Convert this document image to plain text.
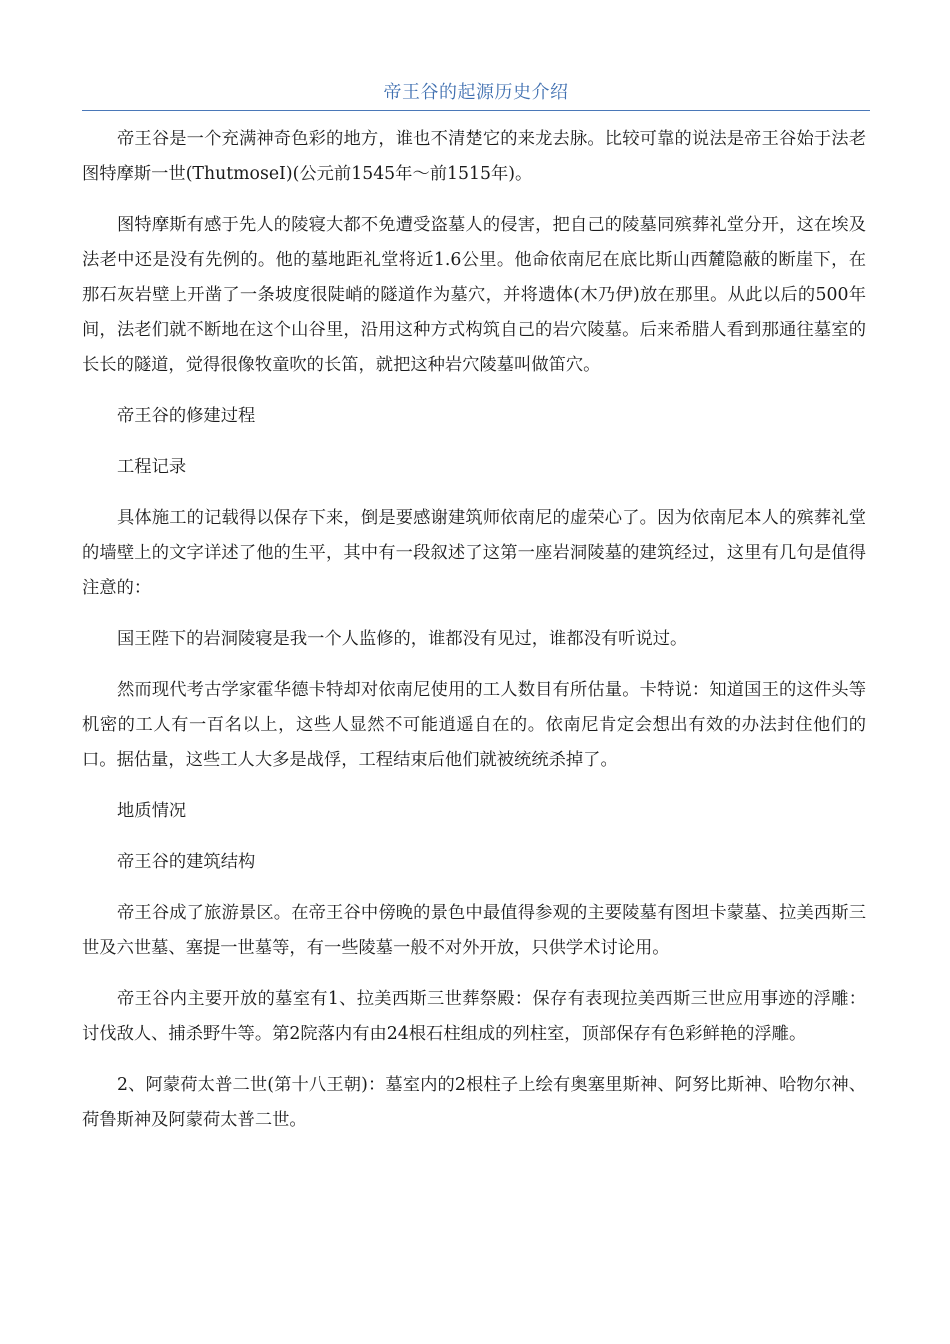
帝王谷的起源历史介绍

帝王谷是一个充满神奇色彩的地方，谁也不清楚它的来龙去脉。比较可靠的说法是帝王谷始于法老图特摩斯一世(ThutmoseI)(公元前1545年～前1515年)。

图特摩斯有感于先人的陵寝大都不免遭受盗墓人的侵害，把自己的陵墓同殡葬礼堂分开，这在埃及法老中还是没有先例的。他的墓地距礼堂将近1.6公里。他命依南尼在底比斯山西麓隐蔽的断崖下，在那石灰岩壁上开凿了一条坡度很陡峭的隧道作为墓穴，并将遗体(木乃伊)放在那里。从此以后的500年间，法老们就不断地在这个山谷里，沿用这种方式构筑自己的岩穴陵墓。后来希腊人看到那通往墓室的长长的隧道，觉得很像牧童吹的长笛，就把这种岩穴陵墓叫做笛穴。

帝王谷的修建过程

工程记录

具体施工的记载得以保存下来，倒是要感谢建筑师依南尼的虚荣心了。因为依南尼本人的殡葬礼堂的墙壁上的文字详述了他的生平，其中有一段叙述了这第一座岩洞陵墓的建筑经过，这里有几句是值得注意的：

国王陛下的岩洞陵寝是我一个人监修的，谁都没有见过，谁都没有听说过。

然而现代考古学家霍华德卡特却对依南尼使用的工人数目有所估量。卡特说：知道国王的这件头等机密的工人有一百名以上，这些人显然不可能逍遥自在的。依南尼肯定会想出有效的办法封住他们的口。据估量，这些工人大多是战俘，工程结束后他们就被统统杀掉了。

地质情况

帝王谷的建筑结构

帝王谷成了旅游景区。在帝王谷中傍晚的景色中最值得参观的主要陵墓有图坦卡蒙墓、拉美西斯三世及六世墓、塞提一世墓等，有一些陵墓一般不对外开放，只供学术讨论用。

帝王谷内主要开放的墓室有1、拉美西斯三世葬祭殿：保存有表现拉美西斯三世应用事迹的浮雕：讨伐敌人、捕杀野牛等。第2院落内有由24根石柱组成的列柱室，顶部保存有色彩鲜艳的浮雕。

2、阿蒙荷太普二世(第十八王朝)：墓室内的2根柱子上绘有奥塞里斯神、阿努比斯神、哈物尔神、荷鲁斯神及阿蒙荷太普二世。
